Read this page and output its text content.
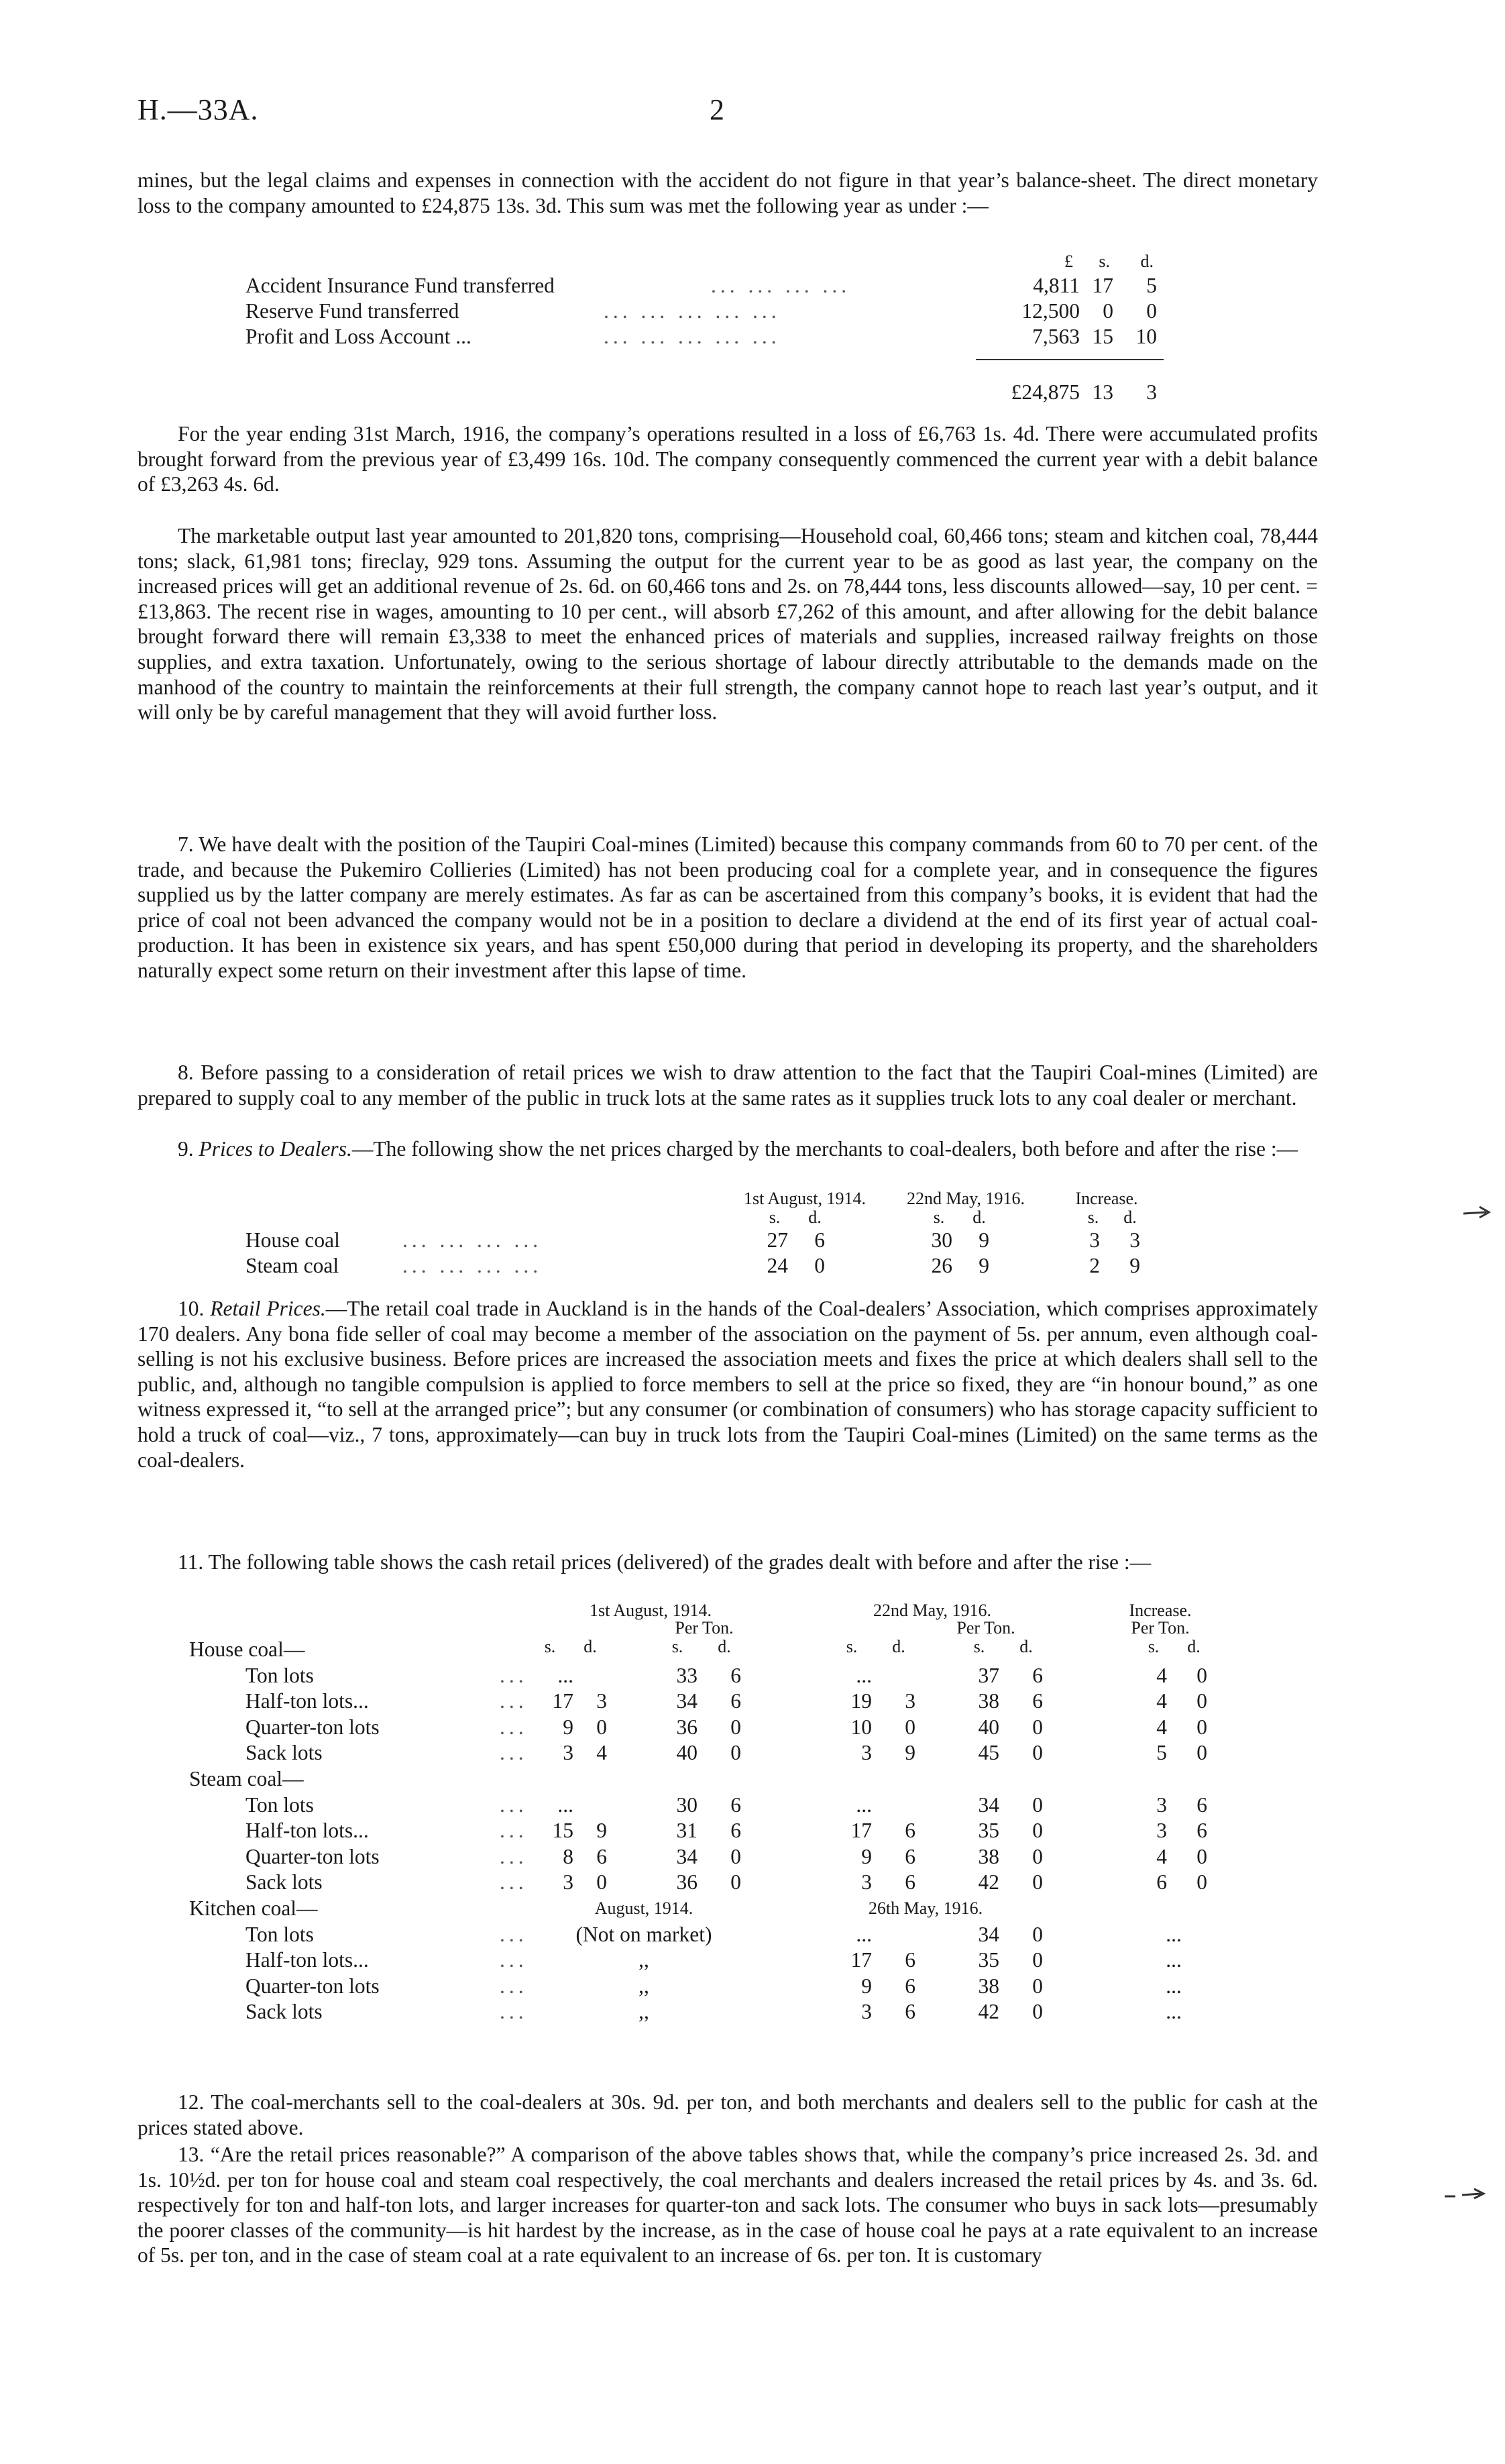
H.—33A.	2
mines, but the legal claims and expenses in connection with the accident do not figure in that year’s balance-sheet. The direct monetary loss to the company amounted to £24,875 13s. 3d. This sum was met the following year as under :—
£	s.	d.
Accident Insurance Fund transferred	... ... ... ...	4,811 17	5
Reserve Fund transferred	... ... ... ... ...	12,500	0	0
Profit and Loss Account ...	... ... ... ... ...	7,563 15	10
£24,875 13	3
For the year ending 31st March, 1916, the company’s operations resulted in a loss of £6,763 1s. 4d. There were accumulated profits brought forward from the previous year of £3,499 16s. 10d. The company consequently commenced the current year with a debit balance of £3,263 4s. 6d.
The marketable output last year amounted to 201,820 tons, comprising—Household coal, 60,466 tons; steam and kitchen coal, 78,444 tons; slack, 61,981 tons; fireclay, 929 tons. Assuming the output for the current year to be as good as last year, the company on the increased prices will get an additional revenue of 2s. 6d. on 60,466 tons and 2s. on 78,444 tons, less discounts allowed—say, 10 per cent. = £13,863. The recent rise in wages, amounting to 10 per cent., will absorb £7,262 of this amount, and after allowing for the debit balance brought forward there will remain £3,338 to meet the enhanced prices of materials and supplies, increased railway freights on those supplies, and extra taxation. Unfortunately, owing to the serious shortage of labour directly attributable to the demands made on the manhood of the country to maintain the reinforcements at their full strength, the company cannot hope to reach last year’s output, and it will only be by careful management that they will avoid further loss.
7. We have dealt with the position of the Taupiri Coal-mines (Limited) because this company commands from 60 to 70 per cent. of the trade, and because the Pukemiro Collieries (Limited) has not been producing coal for a complete year, and in consequence the figures supplied us by the latter company are merely estimates. As far as can be ascertained from this company’s books, it is evident that had the price of coal not been advanced the company would not be in a position to declare a dividend at the end of its first year of actual coal-production. It has been in existence six years, and has spent £50,000 during that period in developing its property, and the shareholders naturally expect some return on their investment after this lapse of time.
8. Before passing to a consideration of retail prices we wish to draw attention to the fact that the Taupiri Coal-mines (Limited) are prepared to supply coal to any member of the public in truck lots at the same rates as it supplies truck lots to any coal dealer or merchant.
9. Prices to Dealers.—The following show the net prices charged by the merchants to coal-dealers, both before and after the rise :—
1st August, 1914.	22nd May, 1916.	Increase.
s.	d.	s.	d.	s.	d.
House coal	... ... ... ...	27	6	30	9	3	3
Steam coal	... ... ... ...	24	0	26	9	2	9
10. Retail Prices.—The retail coal trade in Auckland is in the hands of the Coal-dealers’ Association, which comprises approximately 170 dealers. Any bona fide seller of coal may become a member of the association on the payment of 5s. per annum, even although coal-selling is not his exclusive business. Before prices are increased the association meets and fixes the price at which dealers shall sell to the public, and, although no tangible compulsion is applied to force members to sell at the price so fixed, they are “in honour bound,” as one witness expressed it, “to sell at the arranged price”; but any consumer (or combination of consumers) who has storage capacity sufficient to hold a truck of coal—viz., 7 tons, approximately—can buy in truck lots from the Taupiri Coal-mines (Limited) on the same terms as the coal-dealers.
11. The following table shows the cash retail prices (delivered) of the grades dealt with before and after the rise :—
1st August, 1914.	22nd May, 1916.	Increase.
Per Ton.	Per Ton.	Per Ton.
House coal—	s.	d.	s.	d.	s.	d.	s.	d.	s.	d.
Ton lots	...	...	33	6	...	37	6	4	0
Half-ton lots...	...	17	3	34	6	19	3	38	6	4	0
Quarter-ton lots	...	9	0	36	0	10	0	40	0	4	0
Sack lots	...	3	4	40	0	3	9	45	0	5	0
Steam coal—
Ton lots	...	...	30	6	...	34	0	3	6
Half-ton lots...	...	15	9	31	6	17	6	35	0	3	6
Quarter-ton lots	...	8	6	34	0	9	6	38	0	4	0
Sack lots	...	3	0	36	0	3	6	42	0	6	0
Kitchen coal—	August, 1914.	26th May, 1916.
Ton lots	...	(Not on market)	...	34	0	...
Half-ton lots...	...	,,	17	6	35	0	...
Quarter-ton lots	...	,,	9	6	38	0	...
Sack lots	...	,,	3	6	42	0	...
12. The coal-merchants sell to the coal-dealers at 30s. 9d. per ton, and both merchants and dealers sell to the public for cash at the prices stated above.
13. “Are the retail prices reasonable?” A comparison of the above tables shows that, while the company’s price increased 2s. 3d. and 1s. 10½d. per ton for house coal and steam coal respectively, the coal merchants and dealers increased the retail prices by 4s. and 3s. 6d. respectively for ton and half-ton lots, and larger increases for quarter-ton and sack lots. The consumer who buys in sack lots—presumably the poorer classes of the community—is hit hardest by the increase, as in the case of house coal he pays at a rate equivalent to an increase of 5s. per ton, and in the case of steam coal at a rate equivalent to an increase of 6s. per ton. It is customary
